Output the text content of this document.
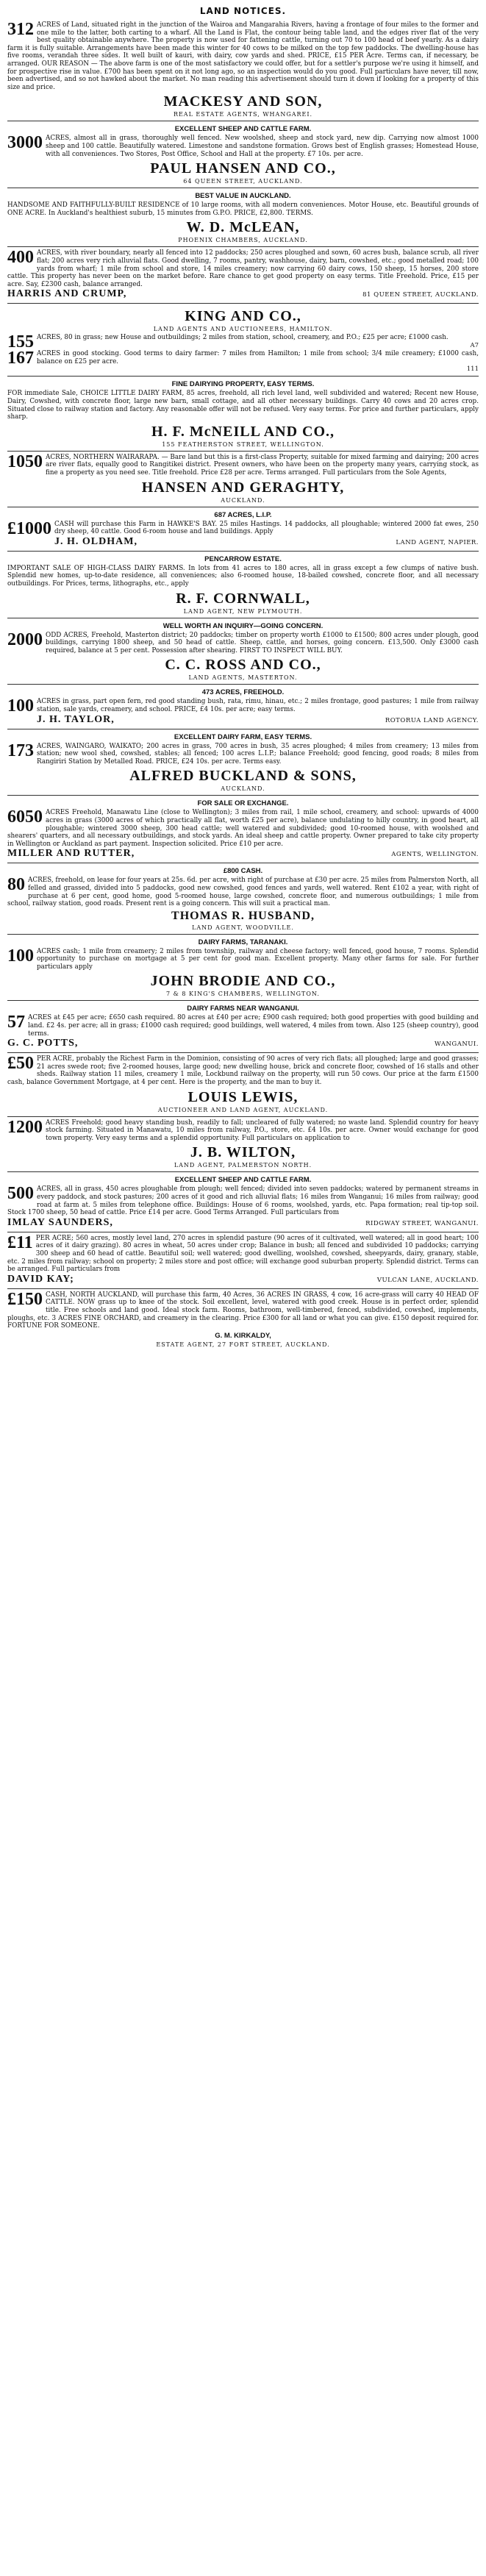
LAND NOTICES.
312 ACRES of Land, situated right in the junction of the Wairoa and Mangarahia Rivers, having a frontage of four miles to the former and one mile to the latter, both carting to a wharf. All the Land is Flat, the contour being table land, and the edges river flat of the very best quality obtainable anywhere. The property is now used for fattening cattle, turning out 70 to 100 head of beef yearly. As a dairy farm it is fully suitable. Arrangements have been made this winter for 40 cows to be milked on the top few paddocks. The dwelling-house has five rooms, verandah three sides. It well built of kauri, with dairy, cow yards and shed. PRICE, £15 PER Acre. Terms can, if necessary, be arranged. OUR REASON — The above farm is one of the most satisfactory we could offer, but for a settler's purpose we're using it himself, and for prospective rise in value. £700 has been spent on it not long ago, so an inspection would do you good. Full particulars have never, till now, been advertised, and so not hawked about the market. No man reading this advertisement should turn it down if looking for a property of this size and price.

MACKESY AND SON,
REAL ESTATE AGENTS, WHANGAREI.
EXCELLENT SHEEP AND CATTLE FARM.
3000 ACRES, almost all in grass, thoroughly well fenced. New woolshed, sheep and stock yard, new dip. Carrying now almost 1000 sheep and 100 cattle. Beautifully watered. Limestone and sandstone formation. Grows best of English grasses; Homestead House, with all conveniences. Two Stores, Post Office, School and Hall at the property. £7 10s. per acre.

PAUL HANSEN AND CO.,
64 QUEEN STREET, AUCKLAND.
BEST VALUE IN AUCKLAND.

HANDSOME AND FAITHFULLY-BUILT RESIDENCE of 10 large rooms, with all modern conveniences. Motor House, etc. Beautiful grounds of ONE ACRE. In Auckland's healthiest suburb, 15 minutes from G.P.O. PRICE, £2,800. TERMS.

W. D. McLEAN,
PHOENIX CHAMBERS, AUCKLAND.
400 ACRES, with river boundary, nearly all fenced into 12 paddocks; 250 acres ploughed and sown, 60 acres bush, balance scrub, all river flat; 200 acres very rich alluvial flats. Good dwelling, 7 rooms, pantry, washhouse, dairy, barn, cowshed, etc.; good metalled road; 100 yards from wharf; 1 mile from school and store, 14 miles creamery; now carrying 60 dairy cows, 150 sheep, 15 horses, 200 store cattle. This property has never been on the market before. Rare chance to get good property on easy terms. Title Freehold. Price, £15 per acre. Say, £2300 cash, balance arranged.

HARRIS AND CRUMP,	81 QUEEN STREET, AUCKLAND.
KING AND CO.,
LAND AGENTS AND AUCTIONEERS, HAMILTON.
155 ACRES, 80 in grass; new House and outbuildings; 2 miles from station, school, creamery, and P.O.; £25 per acre; £1000 cash.

A7
167 ACRES in good stocking. Good terms to dairy farmer: 7 miles from Hamilton; 1 mile from school; 3/4 mile creamery; £1000 cash, balance on £25 per acre.

111
FINE DAIRYING PROPERTY, EASY TERMS.

FOR immediate Sale, CHOICE LITTLE DAIRY FARM, 85 acres, freehold, all rich level land, well subdivided and watered; Recent new House, Dairy, Cowshed, with concrete floor, large new barn, small cottage, and all other necessary buildings. Carry 40 cows and 20 acres crop. Situated close to railway station and factory. Any reasonable offer will not be refused. Very easy terms. For price and further particulars, apply sharp.

H. F. McNEILL AND CO.,
155 FEATHERSTON STREET, WELLINGTON.
1050 ACRES, NORTHERN WAIRARAPA. — Bare land but this is a first-class Property, suitable for mixed farming and dairying; 200 acres are river flats, equally good to Rangitikei district. Present owners, who have been on the property many years, carrying stock, as fine a property as you need see. Title freehold. Price £28 per acre. Terms arranged. Full particulars from the Sole Agents,

HANSEN AND GERAGHTY,
AUCKLAND.
687 ACRES, L.I.P.
£1000 CASH will purchase this Farm in HAWKE'S BAY. 25 miles Hastings. 14 paddocks, all ploughable; wintered 2000 fat ewes, 250 dry sheep, 40 cattle. Good 6-room house and land buildings. Apply

J. H. OLDHAM,	LAND AGENT, NAPIER.
PENCARROW ESTATE.

IMPORTANT SALE OF HIGH-CLASS DAIRY FARMS. In lots from 41 acres to 180 acres, all in grass except a few clumps of native bush. Splendid new homes, up-to-date residence, all conveniences; also 6-roomed house, 18-bailed cowshed, concrete floor, and all necessary outbuildings. For Prices, terms, lithographs, etc., apply

R. F. CORNWALL,
LAND AGENT, NEW PLYMOUTH.
WELL WORTH AN INQUIRY—GOING CONCERN.
2000 ODD ACRES, Freehold, Masterton district; 20 paddocks; timber on property worth £1000 to £1500; 800 acres under plough, good buildings, carrying 1800 sheep, and 50 head of cattle. Sheep, cattle, and horses, going concern. £13,500. Only £3000 cash required, balance at 5 per cent. Possession after shearing. FIRST TO INSPECT WILL BUY.

C. C. ROSS AND CO.,
LAND AGENTS, MASTERTON.
473 ACRES, FREEHOLD.
100 ACRES in grass, part open fern, red good standing bush, rata, rimu, hinau, etc.; 2 miles frontage, good pastures; 1 mile from railway station, sale yards, creamery, and school. PRICE, £4 10s. per acre; easy terms.

J. H. TAYLOR,	ROTORUA LAND AGENCY.
EXCELLENT DAIRY FARM, EASY TERMS.
173 ACRES, WAINGARO, WAIKATO; 200 acres in grass, 700 acres in bush, 35 acres ploughed; 4 miles from creamery; 13 miles from station; new wool shed, cowshed, stables; all fenced; 100 acres L.I.P.; balance Freehold; good fencing, good roads; 8 miles from Rangiriri Station by Metalled Road. PRICE, £24 10s. per acre. Terms easy.

ALFRED BUCKLAND & SONS,
AUCKLAND.
FOR SALE OR EXCHANGE.
6050 ACRES Freehold, Manawatu Line (close to Wellington); 3 miles from rail, 1 mile school, creamery, and school: upwards of 4000 acres in grass (3000 acres of which practically all flat, worth £25 per acre), balance undulating to hilly country, in good heart, all ploughable; wintered 3000 sheep, 300 head cattle; well watered and subdivided; good 10-roomed house, with woolshed and shearers' quarters, and all necessary outbuildings, and stock yards. An ideal sheep and cattle property. Owner prepared to take city property in Wellington or Auckland as part payment. Inspection solicited. Price £10 per acre.

MILLER AND RUTTER,	AGENTS, WELLINGTON.
£800 CASH.
80 ACRES, freehold, on lease for four years at 25s. 6d. per acre, with right of purchase at £30 per acre. 25 miles from Palmerston North, all felled and grassed, divided into 5 paddocks, good new cowshed, good fences and yards, well watered. Rent £102 a year, with right of purchase at 6 per cent, good home, good 5-roomed house, large cowshed, concrete floor, and numerous outbuildings; 1 mile from school, railway station, good roads. Present rent is a going concern. This will suit a practical man.

THOMAS R. HUSBAND,
LAND AGENT, WOODVILLE.
DAIRY FARMS, TARANAKI.
100 ACRES cash; 1 mile from creamery; 2 miles from township, railway and cheese factory; well fenced, good house, 7 rooms. Splendid opportunity to purchase on mortgage at 5 per cent for good man. Excellent property. Many other farms for sale. For further particulars apply

JOHN BRODIE AND CO.,
7 & 8 KING'S CHAMBERS, WELLINGTON.
DAIRY FARMS NEAR WANGANUI.
57 ACRES at £45 per acre; £650 cash required. 80 acres at £40 per acre; £900 cash required; both good properties with good building and land. £2 4s. per acre; all in grass; £1000 cash required; good buildings, well watered, 4 miles from town. Also 125 (sheep country), good terms.

G. C. POTTS,	WANGANUI.
£50 PER ACRE, probably the Richest Farm in the Dominion, consisting of 90 acres of very rich flats; all ploughed; large and good grasses; 21 acres swede root; five 2-roomed houses, large good; new dwelling house, brick and concrete floor, cowshed of 16 stalls and other sheds. Railway station 11 miles, creamery 1 mile, Lockbund railway on the property, will run 50 cows. Our price at the farm £1500 cash, balance Government Mortgage, at 4 per cent. Here is the property, and the man to buy it.

LOUIS LEWIS,
AUCTIONEER AND LAND AGENT, AUCKLAND.
1200 ACRES Freehold; good heavy standing bush, readily to fall; uncleared of fully watered; no waste land. Splendid country for heavy stock farming. Situated in Manawatu, 10 miles from railway, P.O., store, etc. £4 10s. per acre. Owner would exchange for good town property. Very easy terms and a splendid opportunity. Full particulars on application to

J. B. WILTON,
LAND AGENT, PALMERSTON NORTH.
EXCELLENT SHEEP AND CATTLE FARM.
500 ACRES, all in grass, 450 acres ploughable from plough; well fenced; divided into seven paddocks; watered by permanent streams in every paddock, and stock pastures; 200 acres of it good and rich alluvial flats; 16 miles from Wanganui; 16 miles from railway; good road at farm at. 5 miles from telephone office. Buildings: House of 6 rooms, woolshed, yards, etc. Papa formation; real tip-top soil. Stock 1700 sheep, 50 head of cattle. Price £14 per acre. Good Terms Arranged. Full particulars from

IMLAY SAUNDERS,	RIDGWAY STREET, WANGANUI.
£11 PER ACRE; 560 acres, mostly level land, 270 acres in splendid pasture (90 acres of it cultivated, well watered; all in good heart; 100 acres of it dairy grazing). 80 acres in wheat, 50 acres under crop; Balance in bush; all fenced and subdivided 10 paddocks; carrying 300 sheep and 60 head of cattle. Beautiful soil; well watered; good dwelling, woolshed, cowshed, sheepyards, dairy, granary, stable, etc. 2 miles from railway; school on property; 2 miles store and post office; will exchange good suburban property. Splendid district. Terms can be arranged. Full particulars from

DAVID KAY;	VULCAN LANE, AUCKLAND.
£150 CASH, NORTH AUCKLAND, will purchase this farm, 40 Acres, 36 ACRES IN GRASS, 4 cow, 16 acre-grass will carry 40 HEAD OF CATTLE. NOW grass up to knee of the stock. Soil excellent, level, watered with good creek. House is in perfect order, splendid title. Free schools and land good. Ideal stock farm. Rooms, bathroom, well-timbered, fenced, subdivided, cowshed, implements, ploughs, etc. 3 ACRES FINE ORCHARD, and creamery in the clearing. Price £300 for all land or what you can give. £150 deposit required for. FORTUNE FOR SOMEONE.

G. M. KIRKALDY,
ESTATE AGENT, 27 FORT STREET, AUCKLAND.
